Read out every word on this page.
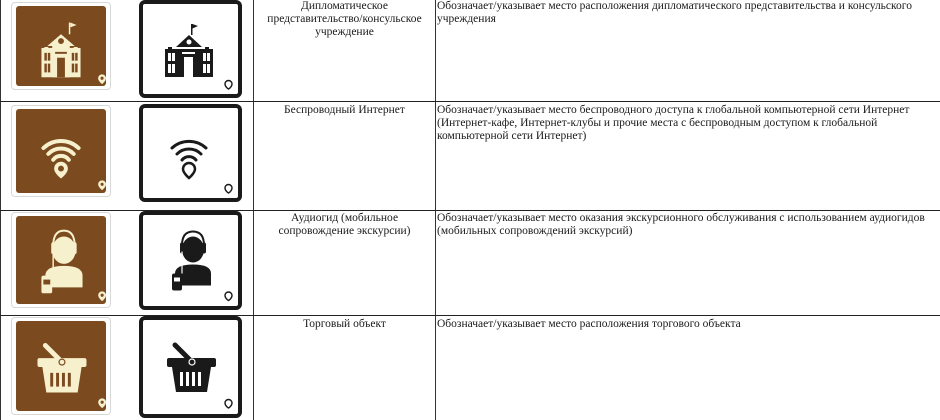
Дипломатическое представительство/консульское учреждение
Обозначает/указывает место расположения дипломатического представительства и консульского учреждения
Беспроводный Интернет	Обозначает/указывает место беспроводного доступа к глобальной компьютерной сети Интернет (Интернет-кафе, Интернет-клубы и прочие места с беспроводным доступом к глобальной компьютерной сети Интернет)
Аудиогид (мобильное сопровождение экскурсии)
Обозначает/указывает место оказания экскурсионного обслуживания с использованием аудиогидов (мобильных сопровождений экскурсий)
Торговый объект	Обозначает/указывает место расположения торгового объекта
